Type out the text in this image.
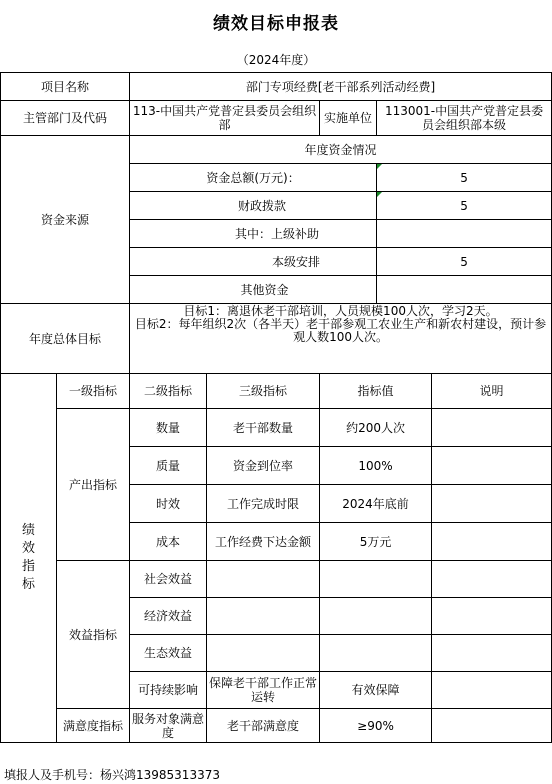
绩效目标申报表
（2024年度）
项目名称		部门专项经费[老干部系列活动经费]				
主管部门及代码		113-中国共产党普定县委员会组织部		实施单位	113001-中国共产党普定县委员会组织部本级	
资金来源		年度资金情况				
		资金总额(万元)：			5	
		财政拨款			5	
		其中：上级补助				
		本级安排			5	
		其他资金				
年度总体目标		目标1：离退休老干部培训，人员规模100人次，学习2天。
目标2：每年组织2次（各半天）老干部参观工农业生产和新农村建设，预计参观人数100人次。				
绩效指标	一级指标	二级指标	三级指标	指标值		说明
	产出指标	数量	老干部数量	约200人次		
		质量	资金到位率	100%		
		时效	工作完成时限	2024年底前		
		成本	工作经费下达金额	5万元		
	效益指标	社会效益				
		经济效益				
		生态效益				
		可持续影响	保障老干部工作正常运转	有效保障		
	满意度指标	服务对象满意度	老干部满意度	≥90%		
填报人及手机号：杨兴鸿13985313373
